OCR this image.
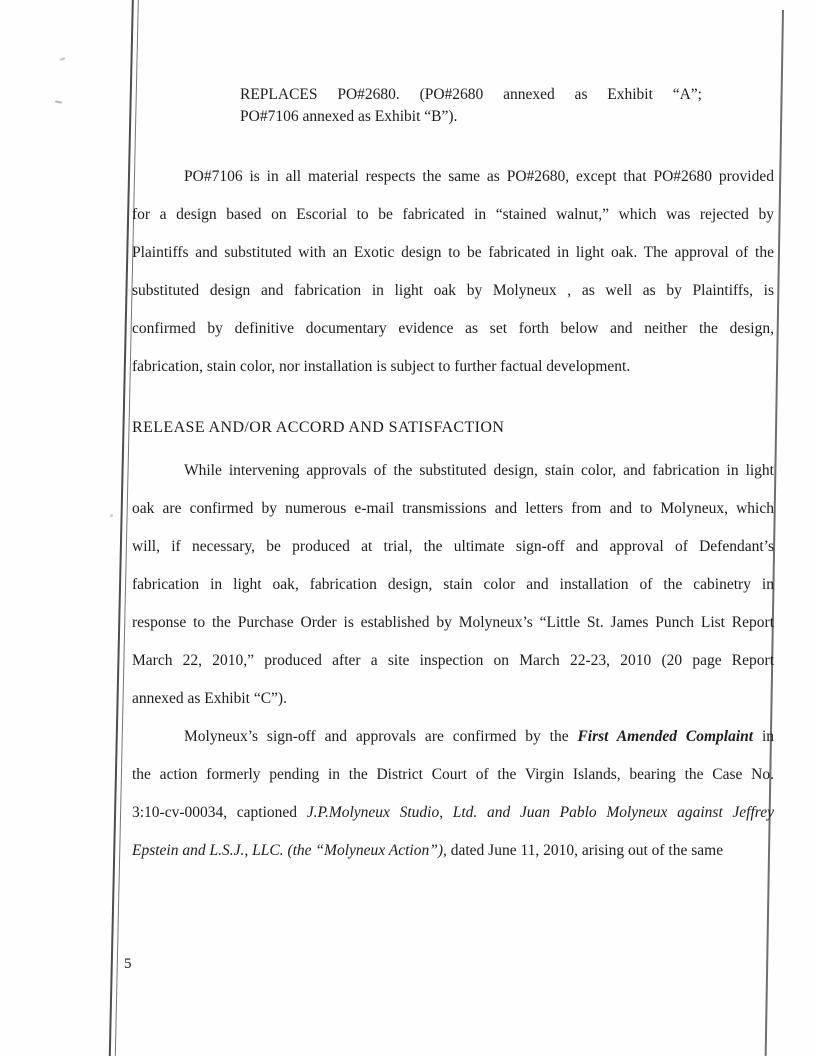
REPLACES PO#2680. (PO#2680 annexed as Exhibit “A”;
PO#7106 annexed as Exhibit “B”).
PO#7106 is in all material respects the same as PO#2680, except that PO#2680 provided
for a design based on Escorial to be fabricated in “stained walnut,” which was rejected by
Plaintiffs and substituted with an Exotic design to be fabricated in light oak. The approval of the
substituted design and fabrication in light oak by Molyneux , as well as by Plaintiffs, is
confirmed by definitive documentary evidence as set forth below and neither the design,
fabrication, stain color, nor installation is subject to further factual development.
RELEASE AND/OR ACCORD AND SATISFACTION
While intervening approvals of the substituted design, stain color, and fabrication in light
oak are confirmed by numerous e-mail transmissions and letters from and to Molyneux, which
will, if necessary, be produced at trial, the ultimate sign-off and approval of Defendant’s
fabrication in light oak, fabrication design, stain color and installation of the cabinetry in
response to the Purchase Order is established by Molyneux’s “Little St. James Punch List Report
March 22, 2010,” produced after a site inspection on March 22-23, 2010 (20 page Report
annexed as Exhibit “C”).
Molyneux’s sign-off and approvals are confirmed by the First Amended Complaint in
the action formerly pending in the District Court of the Virgin Islands, bearing the Case No.
3:10-cv-00034, captioned J.P.Molyneux Studio, Ltd. and Juan Pablo Molyneux against Jeffrey
Epstein and L.S.J., LLC. (the “Molyneux Action”), dated June 11, 2010, arising out of the same
5
